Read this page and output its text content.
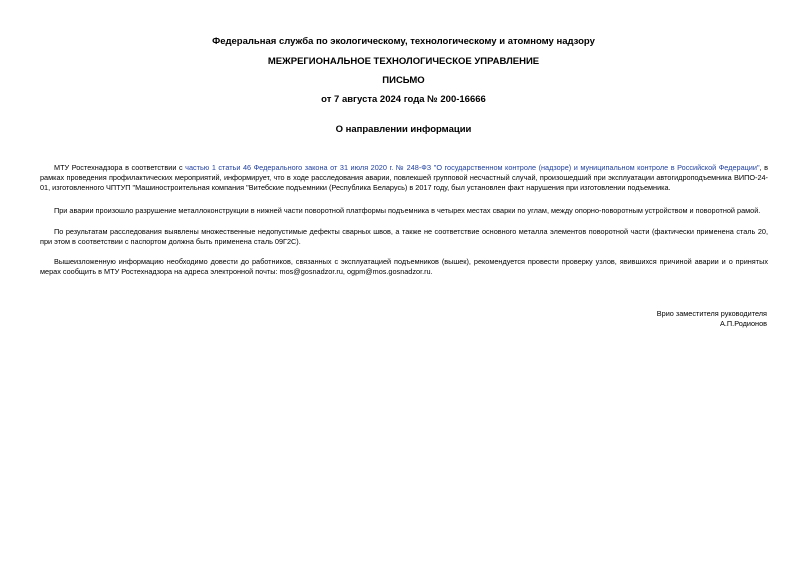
Федеральная служба по экологическому, технологическому и атомному надзору
МЕЖРЕГИОНАЛЬНОЕ ТЕХНОЛОГИЧЕСКОЕ УПРАВЛЕНИЕ
ПИСЬМО
от 7 августа 2024 года № 200-16666
О направлении информации

МТУ Ростехнадзора в соответствии с частью 1 статьи 46 Федерального закона от 31 июля 2020 г. № 248-ФЗ "О государственном контроле (надзоре) и муниципальном контроле в Российской Федерации", в рамках проведения профилактических мероприятий, информирует, что в ходе расследования аварии, повлекшей групповой несчастный случай, произошедший при эксплуатации автогидроподъемника ВИПО-24-01, изготовленного ЧПТУП "Машиностроительная компания "Витебские подъемники (Республика Беларусь) в 2017 году, был установлен факт нарушения при изготовлении подъемника.

При аварии произошло разрушение металлоконструкции в нижней части поворотной платформы подъемника в четырех местах сварки по углам, между опорно-поворотным устройством и поворотной рамой.

По результатам расследования выявлены множественные недопустимые дефекты сварных швов, а также не соответствие основного металла элементов поворотной части (фактически применена сталь 20, при этом в соответствии с паспортом должна быть применена сталь 09Г2С).

Вышеизложенную информацию необходимо довести до работников, связанных с эксплуатацией подъемников (вышек), рекомендуется провести проверку узлов, явившихся причиной аварии и о принятых мерах сообщить в МТУ Ростехнадзора на адреса электронной почты: mos@gosnadzor.ru, ogpm@mos.gosnadzor.ru.

Врио заместителя руководителя
А.П.Родионов
